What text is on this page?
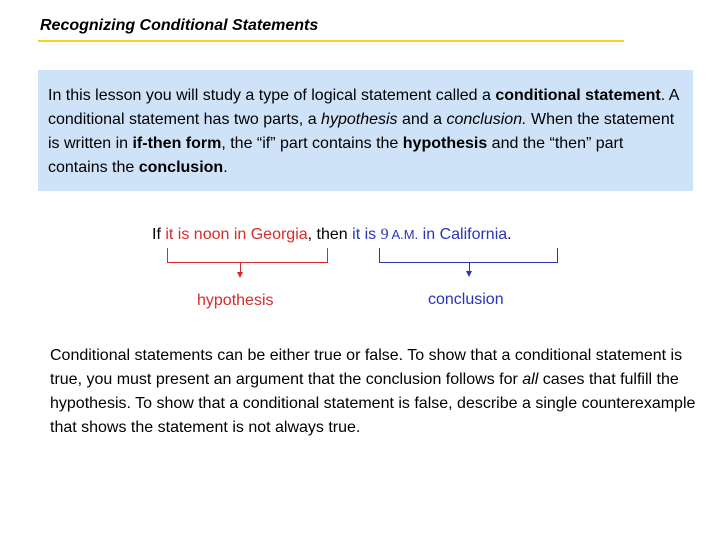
Recognizing Conditional Statements

In this lesson you will study a type of logical statement called a conditional statement. A conditional statement has two parts, a hypothesis and a conclusion. When the statement is written in if-then form, the “if” part contains the hypothesis and the “then” part contains the conclusion.

If it is noon in Georgia, then it is 9 A.M. in California.
hypothesis	conclusion

Conditional statements can be either true or false. To show that a conditional statement is true, you must present an argument that the conclusion follows for all cases that fulfill the hypothesis. To show that a conditional statement is false, describe a single counterexample that shows the statement is not always true.
